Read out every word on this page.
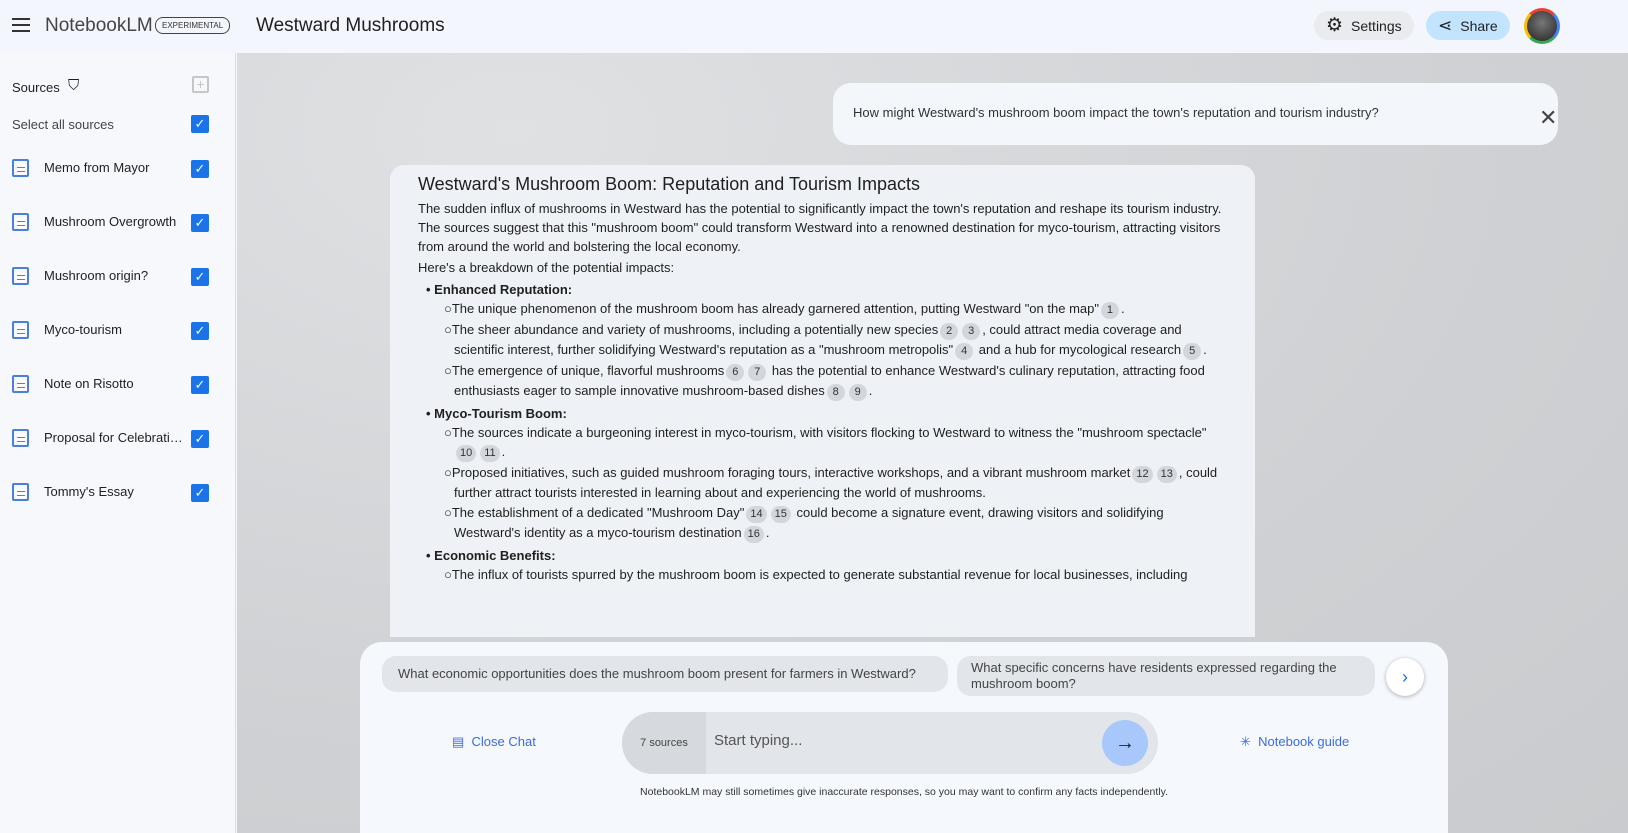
NotebookLM	EXPERIMENTAL	Westward Mushrooms	⚙ Settings ⋖ Share
Sources ⛉	+
Select all sources	✓
Memo from Mayor	✓
Mushroom Overgrowth	✓
Mushroom origin?	✓
Myco-tourism	✓
Note on Risotto	✓
Proposal for Celebration	✓
Tommy's Essay	✓
How might Westward's mushroom boom impact the town's reputation and tourism industry?	✕
Westward's Mushroom Boom: Reputation and Tourism Impacts

The sudden influx of mushrooms in Westward has the potential to significantly impact the town's reputation and reshape its tourism industry. The sources suggest that this "mushroom boom" could transform Westward into a renowned destination for myco-tourism, attracting visitors from around the world and bolstering the local economy.

Here's a breakdown of the potential impacts:

• Enhanced Reputation:
○The unique phenomenon of the mushroom boom has already garnered attention, putting Westward "on the map" 1 .
○The sheer abundance and variety of mushrooms, including a potentially new species 2 3 , could attract media coverage and scientific interest, further solidifying Westward's reputation as a "mushroom metropolis" 4 and a hub for mycological research 5 .
○The emergence of unique, flavorful mushrooms 6 7 has the potential to enhance Westward's culinary reputation, attracting food enthusiasts eager to sample innovative mushroom-based dishes 8 9 .
• Myco-Tourism Boom:
○The sources indicate a burgeoning interest in myco-tourism, with visitors flocking to Westward to witness the "mushroom spectacle"10 11 .
○Proposed initiatives, such as guided mushroom foraging tours, interactive workshops, and a vibrant mushroom market 12 13 , could further attract tourists interested in learning about and experiencing the world of mushrooms.
○The establishment of a dedicated "Mushroom Day" 14 15 could become a signature event, drawing visitors and solidifying Westward's identity as a myco-tourism destination 16 .
• Economic Benefits:
○The influx of tourists spurred by the mushroom boom is expected to generate substantial revenue for local businesses, including
What economic opportunities does the mushroom boom present for farmers in Westward?	What specific concerns have residents expressed regarding the mushroom boom?	›
▤ Close Chat	7 sources	Start typing...	→	✳ Notebook guide
NotebookLM may still sometimes give inaccurate responses, so you may want to confirm any facts independently.
